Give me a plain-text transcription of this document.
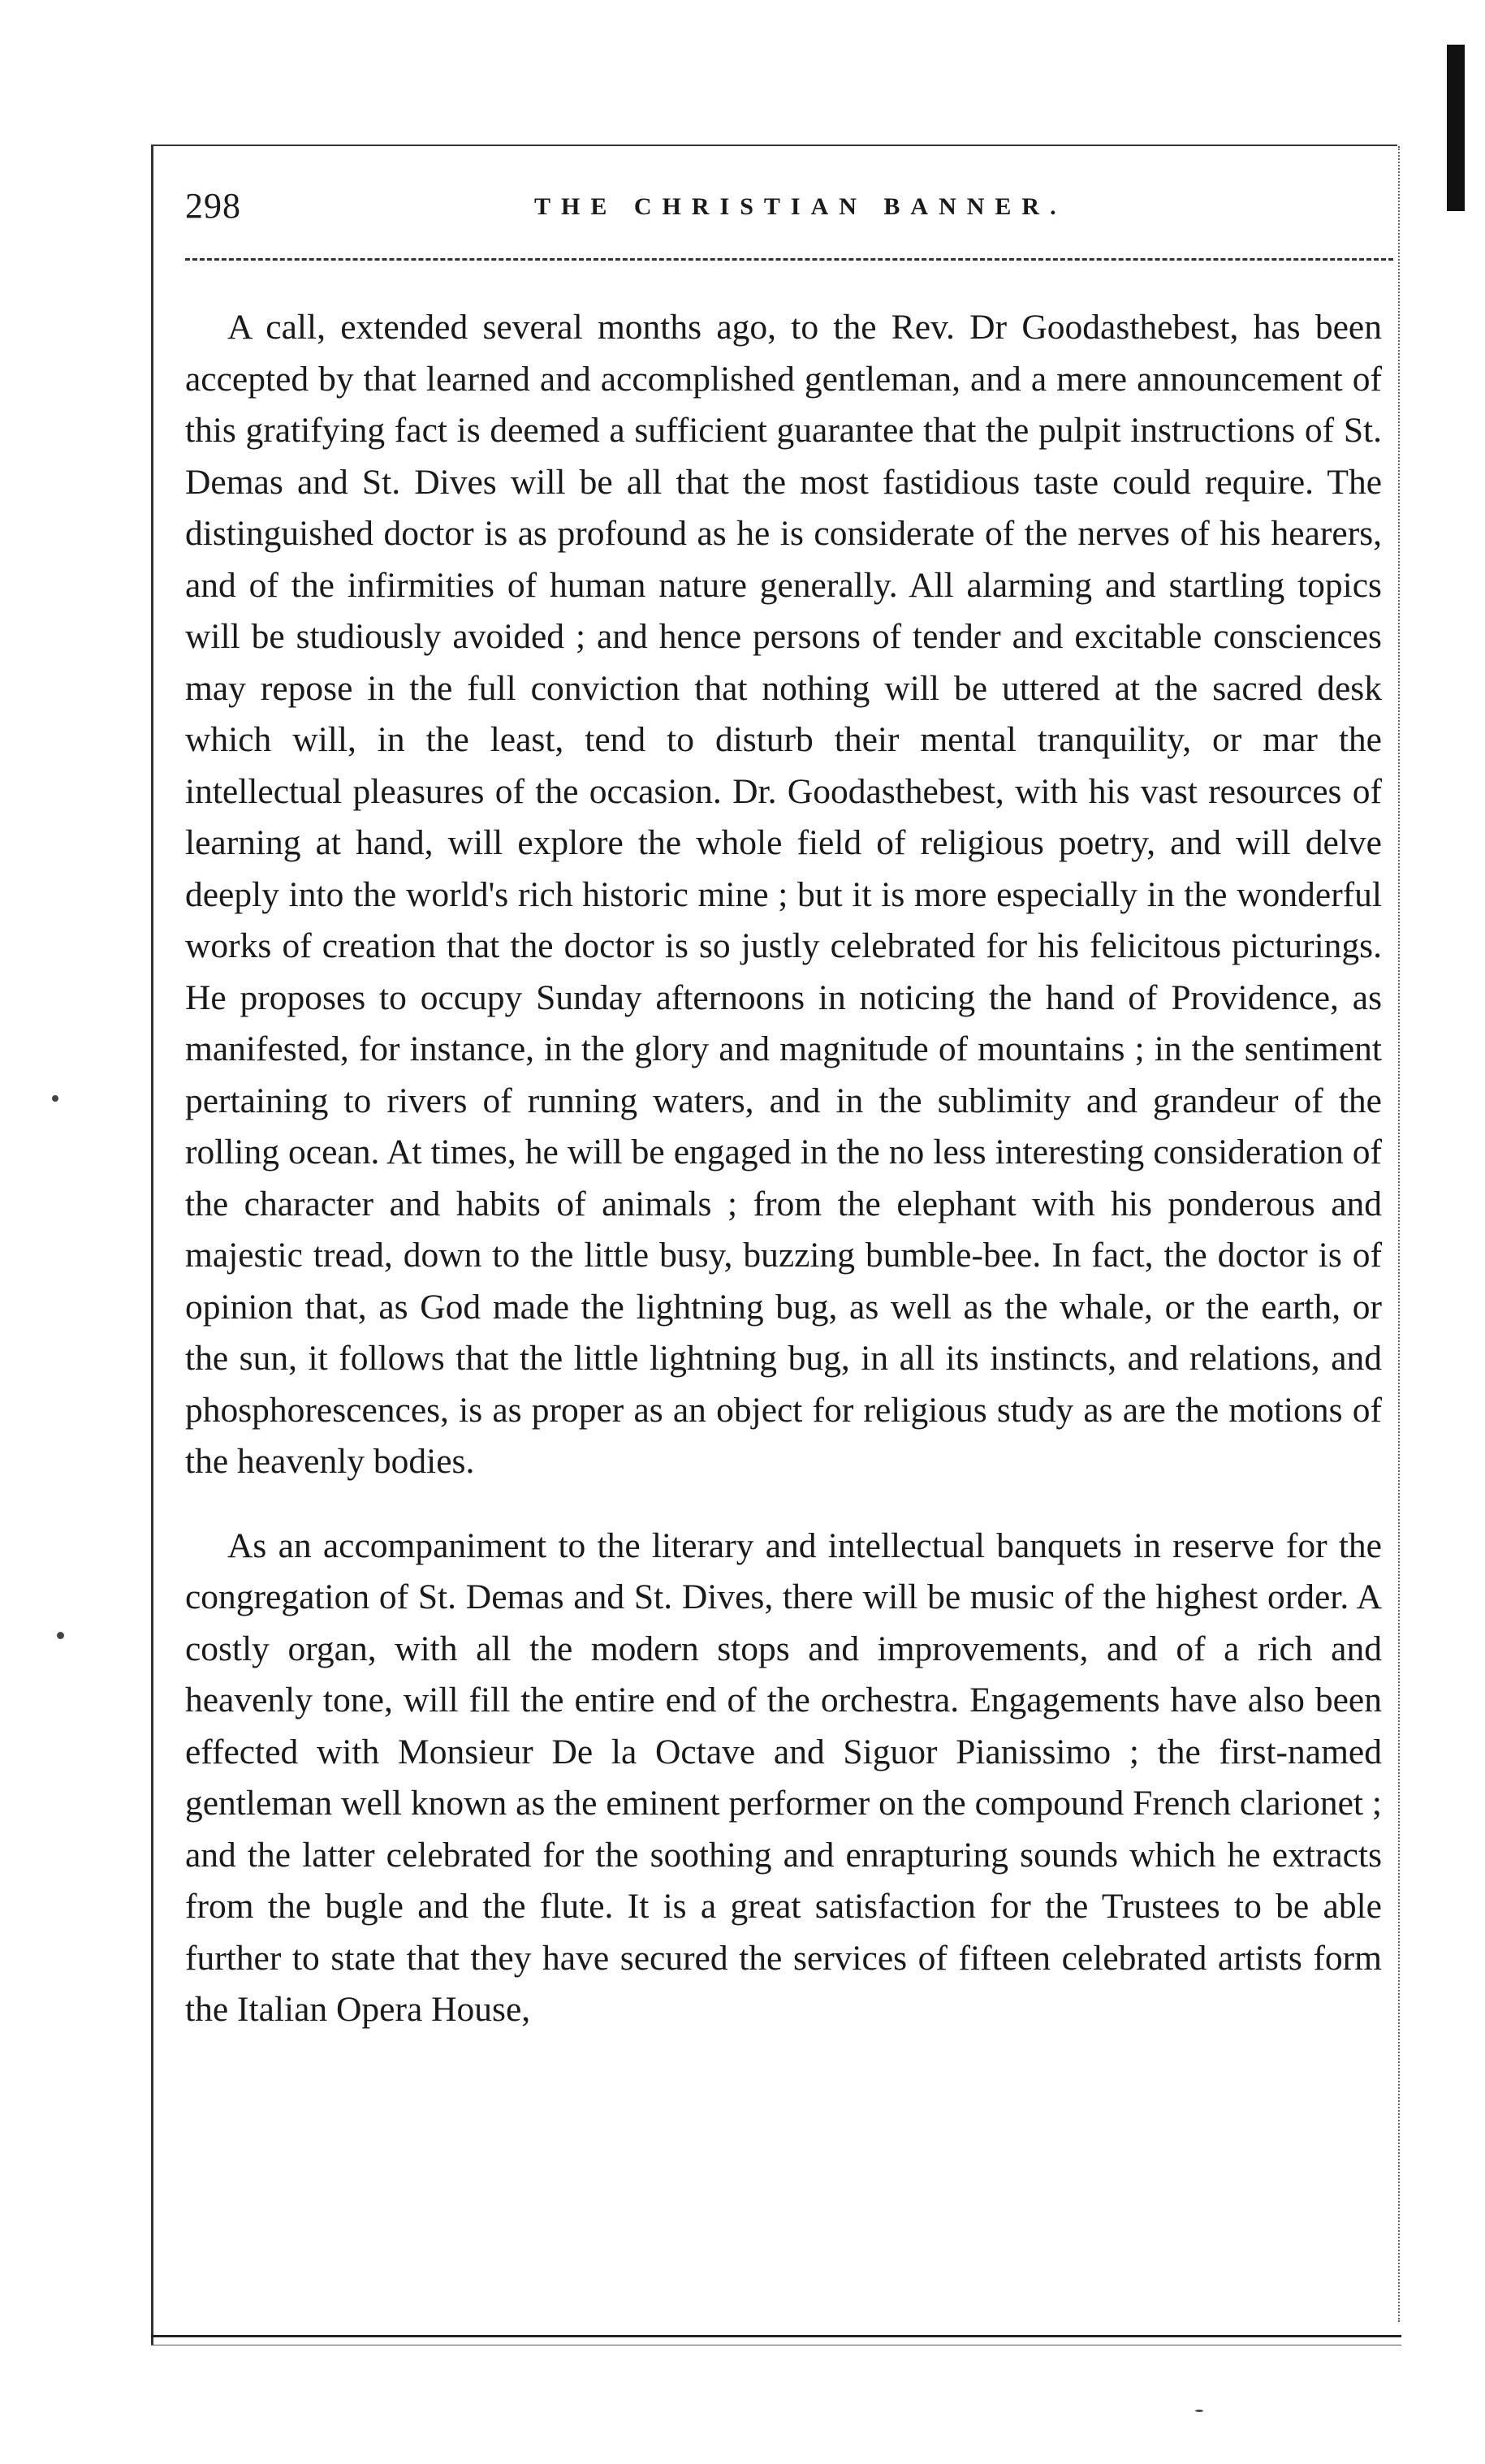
298	THE CHRISTIAN BANNER.

A call, extended several months ago, to the Rev. Dr Goodasthebest, has been accepted by that learned and accomplished gentleman, and a mere announcement of this gratifying fact is deemed a sufficient guarantee that the pulpit instructions of St. Demas and St. Dives will be all that the most fastidious taste could require. The distinguished doctor is as profound as he is considerate of the nerves of his hearers, and of the infirmities of human nature generally. All alarming and startling topics will be studiously avoided ; and hence persons of tender and excitable consciences may repose in the full conviction that nothing will be uttered at the sacred desk which will, in the least, tend to disturb their mental tranquility, or mar the intellectual pleasures of the occasion. Dr. Goodasthebest, with his vast resources of learning at hand, will explore the whole field of religious poetry, and will delve deeply into the world's rich historic mine ; but it is more especially in the wonderful works of creation that the doctor is so justly celebrated for his felicitous picturings. He proposes to occupy Sunday afternoons in noticing the hand of Providence, as manifested, for instance, in the glory and magnitude of mountains ; in the sentiment pertaining to rivers of running waters, and in the sublimity and grandeur of the rolling ocean. At times, he will be engaged in the no less interesting consideration of the character and habits of animals ; from the elephant with his ponderous and majestic tread, down to the little busy, buzzing bumble-bee. In fact, the doctor is of opinion that, as God made the lightning bug, as well as the whale, or the earth, or the sun, it follows that the little lightning bug, in all its instincts, and relations, and phosphorescences, is as proper as an object for religious study as are the motions of the heavenly bodies.

As an accompaniment to the literary and intellectual banquets in reserve for the congregation of St. Demas and St. Dives, there will be music of the highest order. A costly organ, with all the modern stops and improvements, and of a rich and heavenly tone, will fill the entire end of the orchestra. Engagements have also been effected with Monsieur De la Octave and Siguor Pianissimo ; the first-named gentleman well known as the eminent performer on the compound French clarionet ; and the latter celebrated for the soothing and enrapturing sounds which he extracts from the bugle and the flute. It is a great satisfaction for the Trustees to be able further to state that they have secured the services of fifteen celebrated artists form the Italian Opera House,
